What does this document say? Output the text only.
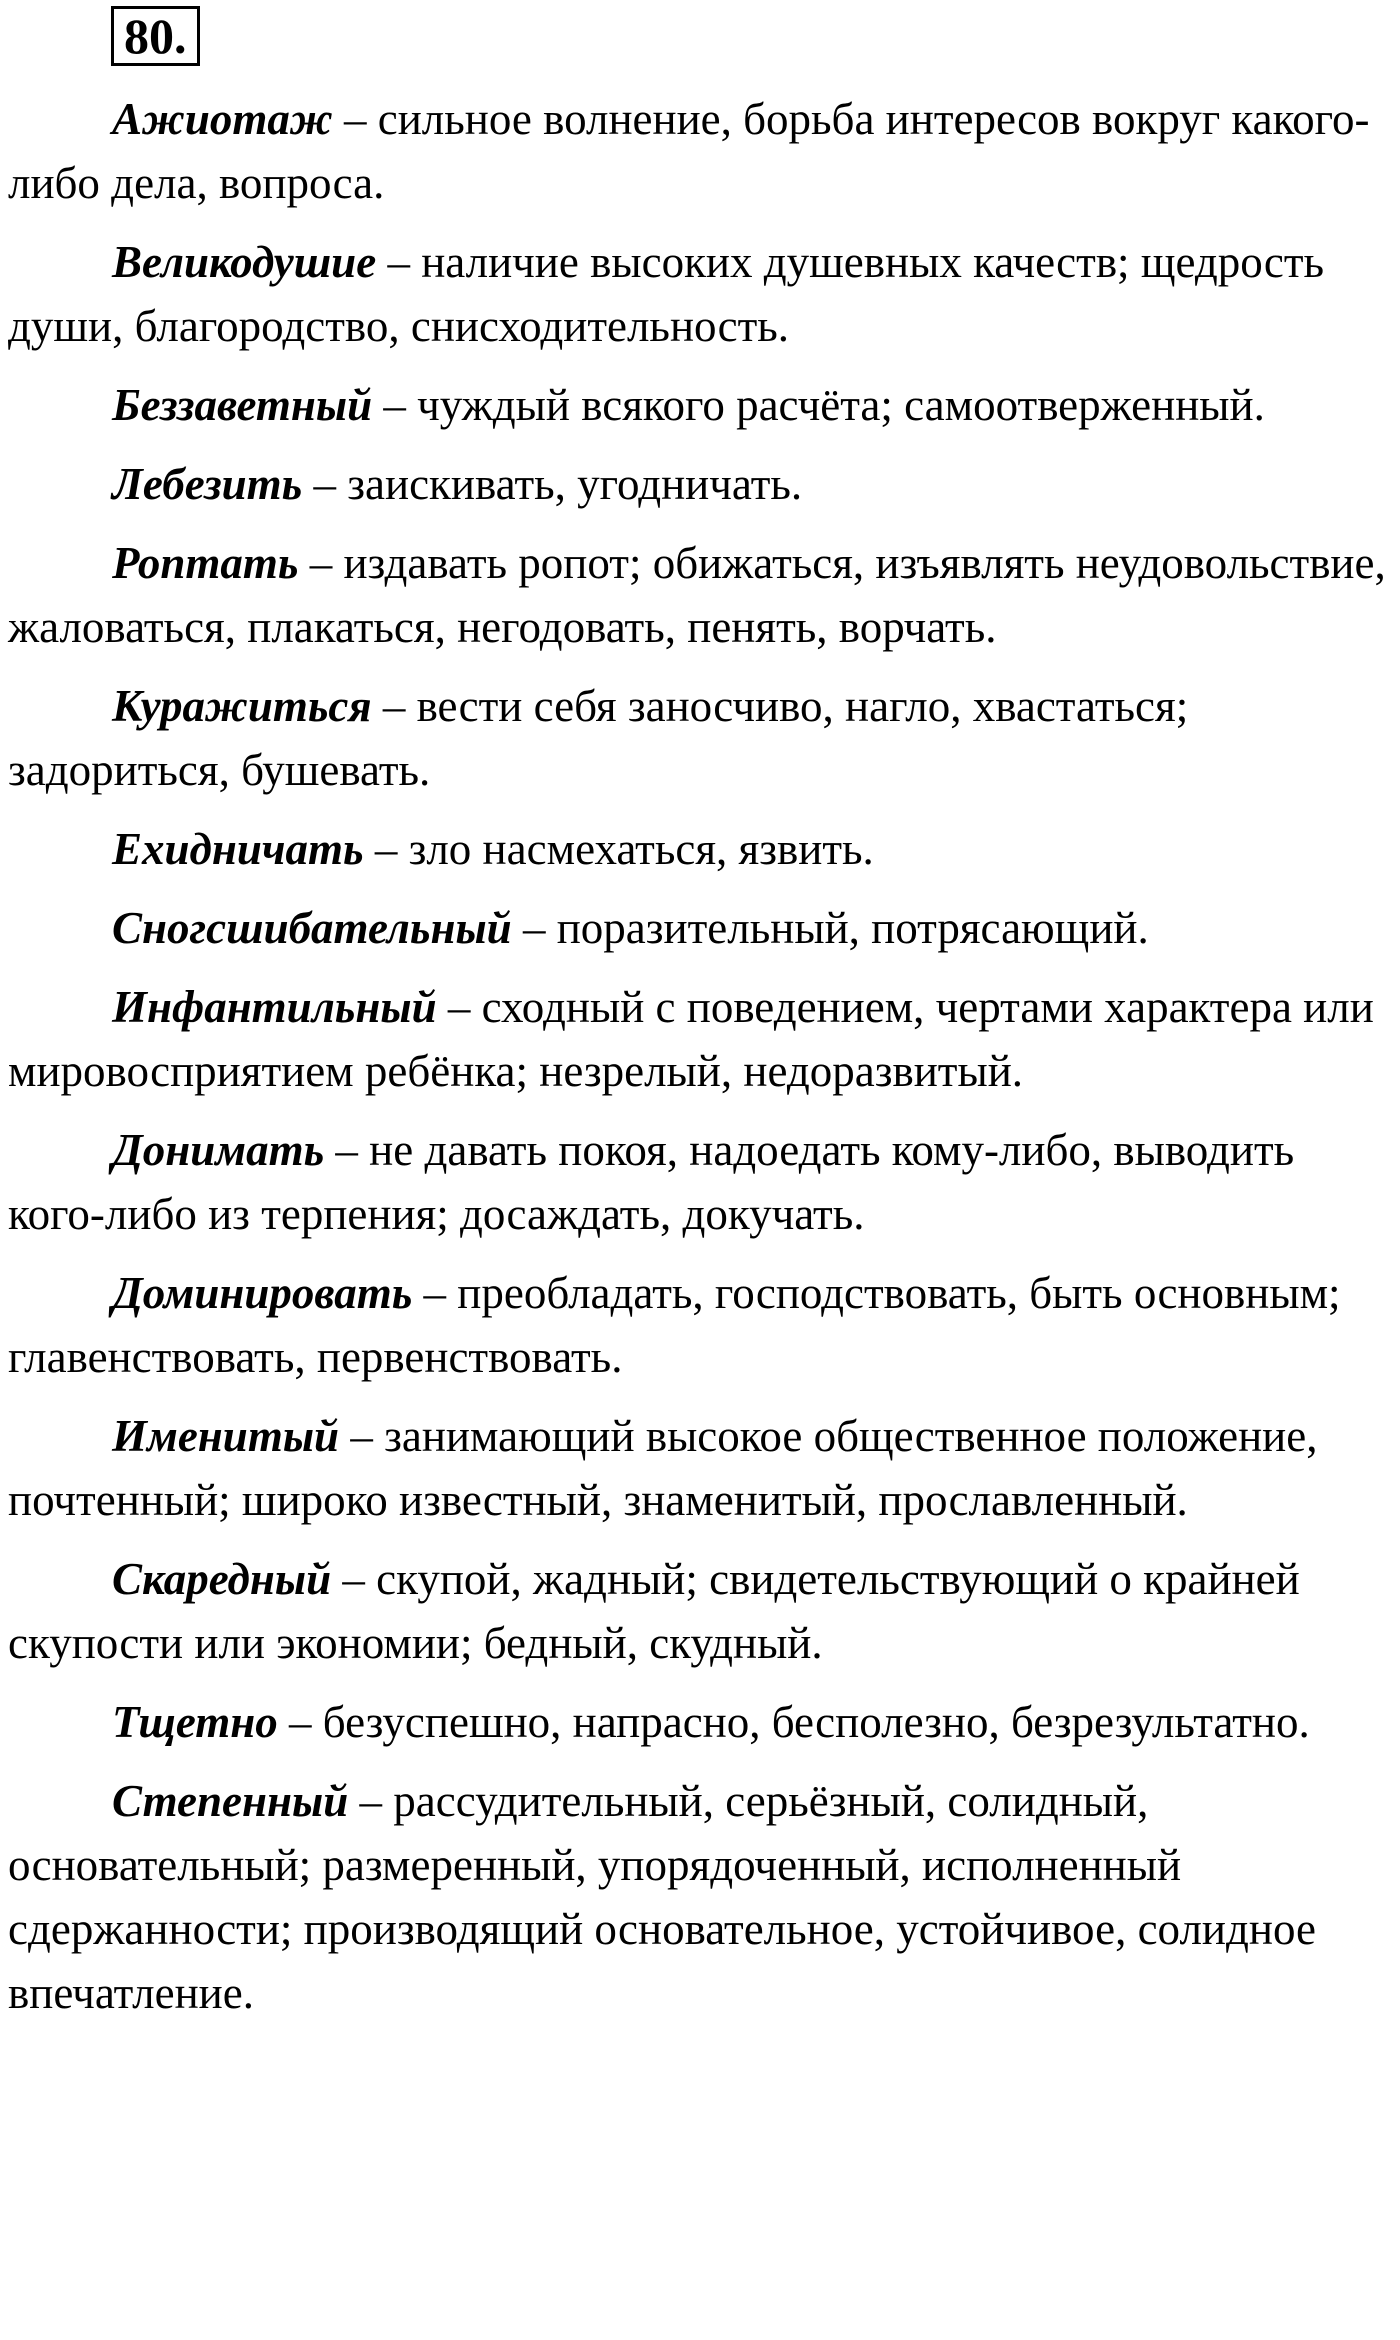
80.

Ажиотаж – сильное волнение, борьба интересов вокруг какого-либо дела, вопроса.

Великодушие – наличие высоких душевных качеств; щедрость души, благородство, снисходительность.

Беззаветный – чуждый всякого расчёта; самоотверженный.

Лебезить – заискивать, угодничать.

Роптать – издавать ропот; обижаться, изъявлять неудовольствие, жаловаться, плакаться, негодовать, пенять, ворчать.

Куражиться – вести себя заносчиво, нагло, хвастаться; задориться, бушевать.

Ехидничать – зло насмехаться, язвить.

Сногсшибательный – поразительный, потрясающий.

Инфантильный – сходный с поведением, чертами характера или мировосприятием ребёнка; незрелый, недоразвитый.

Донимать – не давать покоя, надоедать кому-либо, выводить кого-либо из терпения; досаждать, докучать.

Доминировать – преобладать, господствовать, быть основным; главенствовать, первенствовать.

Именитый – занимающий высокое общественное положение, почтенный; широко известный, знаменитый, прославленный.

Скаредный – скупой, жадный; свидетельствующий о крайней скупости или экономии; бедный, скудный.

Тщетно – безуспешно, напрасно, бесполезно, безрезультатно.

Степенный – рассудительный, серьёзный, солидный, основательный; размеренный, упорядоченный, исполненный сдержанности; производящий основательное, устойчивое, солидное впечатление.
